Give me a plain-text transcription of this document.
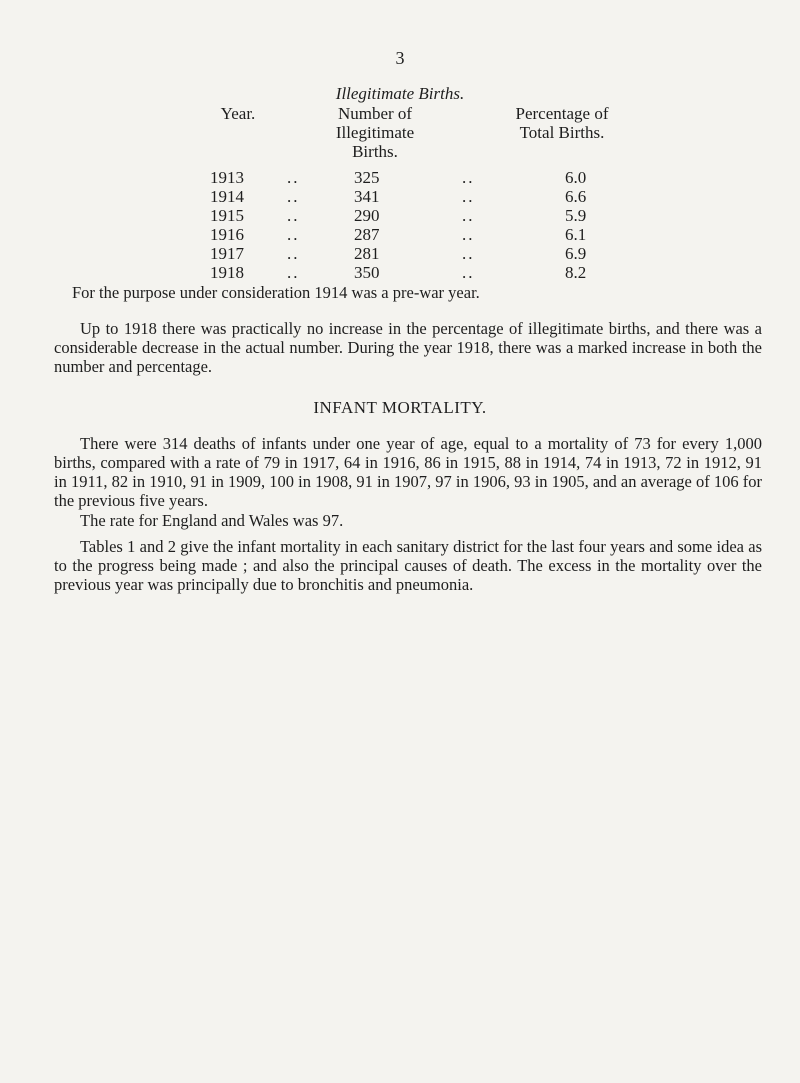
3
Illegitimate Births.
Year.	Number of
Illegitimate
Births.
Percentage of
Total Births.
1913	..	325	..	6.0
1914	..	341	..	6.6
1915	..	290	..	5.9
1916	..	287	..	6.1
1917	..	281	..	6.9
1918	..	350	..	8.2

For the purpose under consideration 1914 was a pre-war year.

Up to 1918 there was practically no increase in the percentage of illegitimate births, and there was a considerable decrease in the actual number. During the year 1918, there was a marked increase in both the number and percentage.

INFANT MORTALITY.

There were 314 deaths of infants under one year of age, equal to a mortality of 73 for every 1,000 births, compared with a rate of 79 in 1917, 64 in 1916, 86 in 1915, 88 in 1914, 74 in 1913, 72 in 1912, 91 in 1911, 82 in 1910, 91 in 1909, 100 in 1908, 91 in 1907, 97 in 1906, 93 in 1905, and an average of 106 for the previous five years.

The rate for England and Wales was 97.

Tables 1 and 2 give the infant mortality in each sanitary district for the last four years and some idea as to the progress being made ; and also the principal causes of death. The excess in the mortality over the previous year was principally due to bronchitis and pneumonia.
